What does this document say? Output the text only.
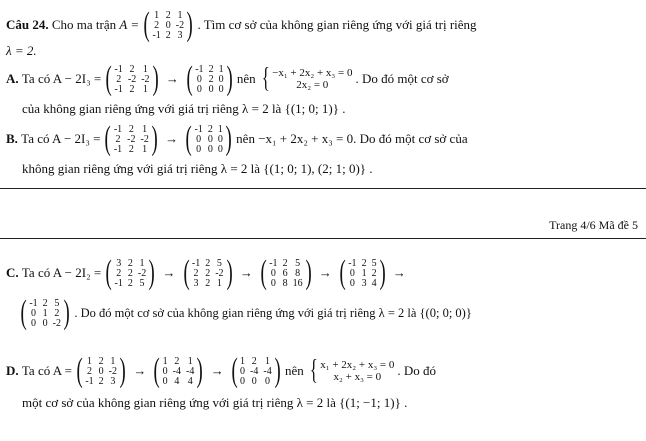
Câu 24.
Cho ma trận
A = ( 1 2 1
2 0 -2
-1 2 3 ) . Tìm cơ sở của không gian riêng ứng với giá trị riêng
λ = 2.
A.
Ta có A − 2I₃ = ( -1 2 1
2 -2 -2
-1 2 1 ) → ( -1 2 1
0 2 0
0 0 0 ) nên { −x₁ + 2x₂ + x₃ = 0
2x₂ = 0	. Do đó một cơ sở
của không gian riêng ứng với giá trị riêng λ = 2 là {(1; 0; 1)} .
B.
Ta có A − 2I₃ = ( -1 2 1
2 -2 -2
-1 2 1 ) → ( -1 2 1
0 0 0
0 0 0 ) nên −x₁ + 2x₂ + x₃ = 0. Do đó một cơ sở của
không gian riêng ứng với giá trị riêng λ = 2 là {(1; 0; 1), (2; 1; 0)} .
Trang 4/6 Mã đề 5
C.
Ta có A − 2I₂ = ( 3 2 1
2 2 -2
-1 2 5 ) → ( -1 2 5
2 2 -2
3 2 1 ) → ( -1 2 5
0 6 8
0 8 16 ) → ( -1 2 5
0 1 2
0 3 4 ) →
( -1 2 5
0 1 2
0 0 -2 ) . Do đó một cơ sở của không gian riêng ứng với giá trị riêng λ = 2 là {(0; 0; 0)}
D.
Ta có A = ( 1 2 1
2 0 -2
-1 2 3 ) → ( 1 2 1
0 -4 -4
0 4 4 ) → ( 1 2 1
0 -4 -4
0 0 0 ) nên { x₁ + 2x₂ + x₃ = 0
x₂ + x₃ = 0	. Do đó
một cơ sở của không gian riêng ứng với giá trị riêng λ = 2 là {(1; −1; 1)} .
